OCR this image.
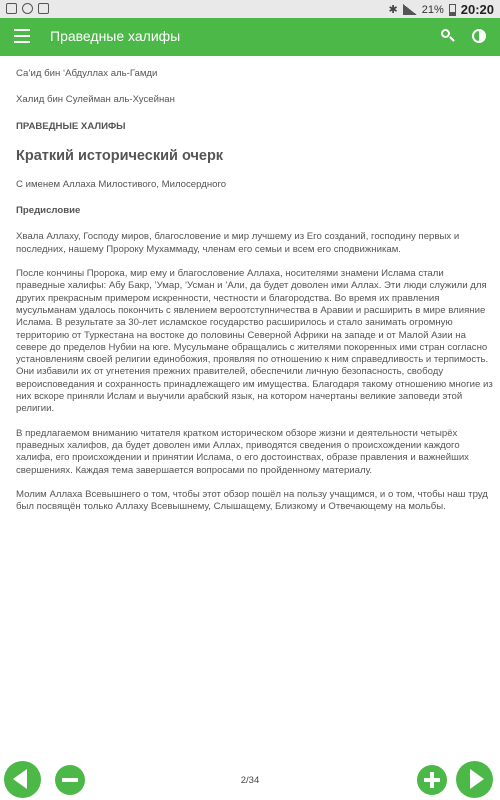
✱ 21% 20:20
Праведные халифы
Са’ид бин ‘Абдуллах аль-Гамди
Халид бин Сулейман аль-Хусейнан
ПРАВЕДНЫЕ ХАЛИФЫ
Краткий исторический очерк
С именем Аллаха Милостивого, Милосердного
Предисловие

Хвала Аллаху, Господу миров, благословение и мир лучшему из Его созданий, господину первых и последних, нашему Пророку Мухаммаду, членам его семьи и всем его сподвижникам.

После кончины Пророка, мир ему и благословение Аллаха, носителями знамени Ислама стали праведные халифы: Абу Бакр, ’Умар, ’Усман и ’Али, да будет доволен ими Аллах. Эти люди служили для других прекрасным примером искренности, честности и благородства. Во время их правления мусульманам удалось покончить с явлением вероотступничества в Аравии и расширить в мире влияние Ислама. В результате за 30-лет исламское государство расширилось и стало занимать огромную территорию от Туркестана на востоке до половины Северной Африки на западе и от Малой Азии на севере до пределов Нубии на юге. Мусульмане обращались с жителями покоренных ими стран согласно установлениям своей религии единобожия, проявляя по отношению к ним справедливость и терпимость. Они избавили их от угнетения прежних правителей, обеспечили личную безопасность, свободу вероисповедания и сохранность принадлежащего им имущества. Благодаря такому отношению многие из них вскоре приняли Ислам и выучили арабский язык, на котором начертаны великие заповеди этой религии.

В предлагаемом вниманию читателя кратком историческом обзоре жизни и деятельности четырёх праведных халифов, да будет доволен ими Аллах, приводятся сведения о происхождении каждого халифа, его происхождении и принятии Ислама, о его достоинствах, образе правления и важнейших свершениях. Каждая тема завершается вопросами по пройденному материалу.

Молим Аллаха Всевышнего о том, чтобы этот обзор пошёл на пользу учащимся, и о том, чтобы наш труд был посвящён только Аллаху Всевышнему, Слышащему, Близкому и Отвечающему на мольбы.

2/34
